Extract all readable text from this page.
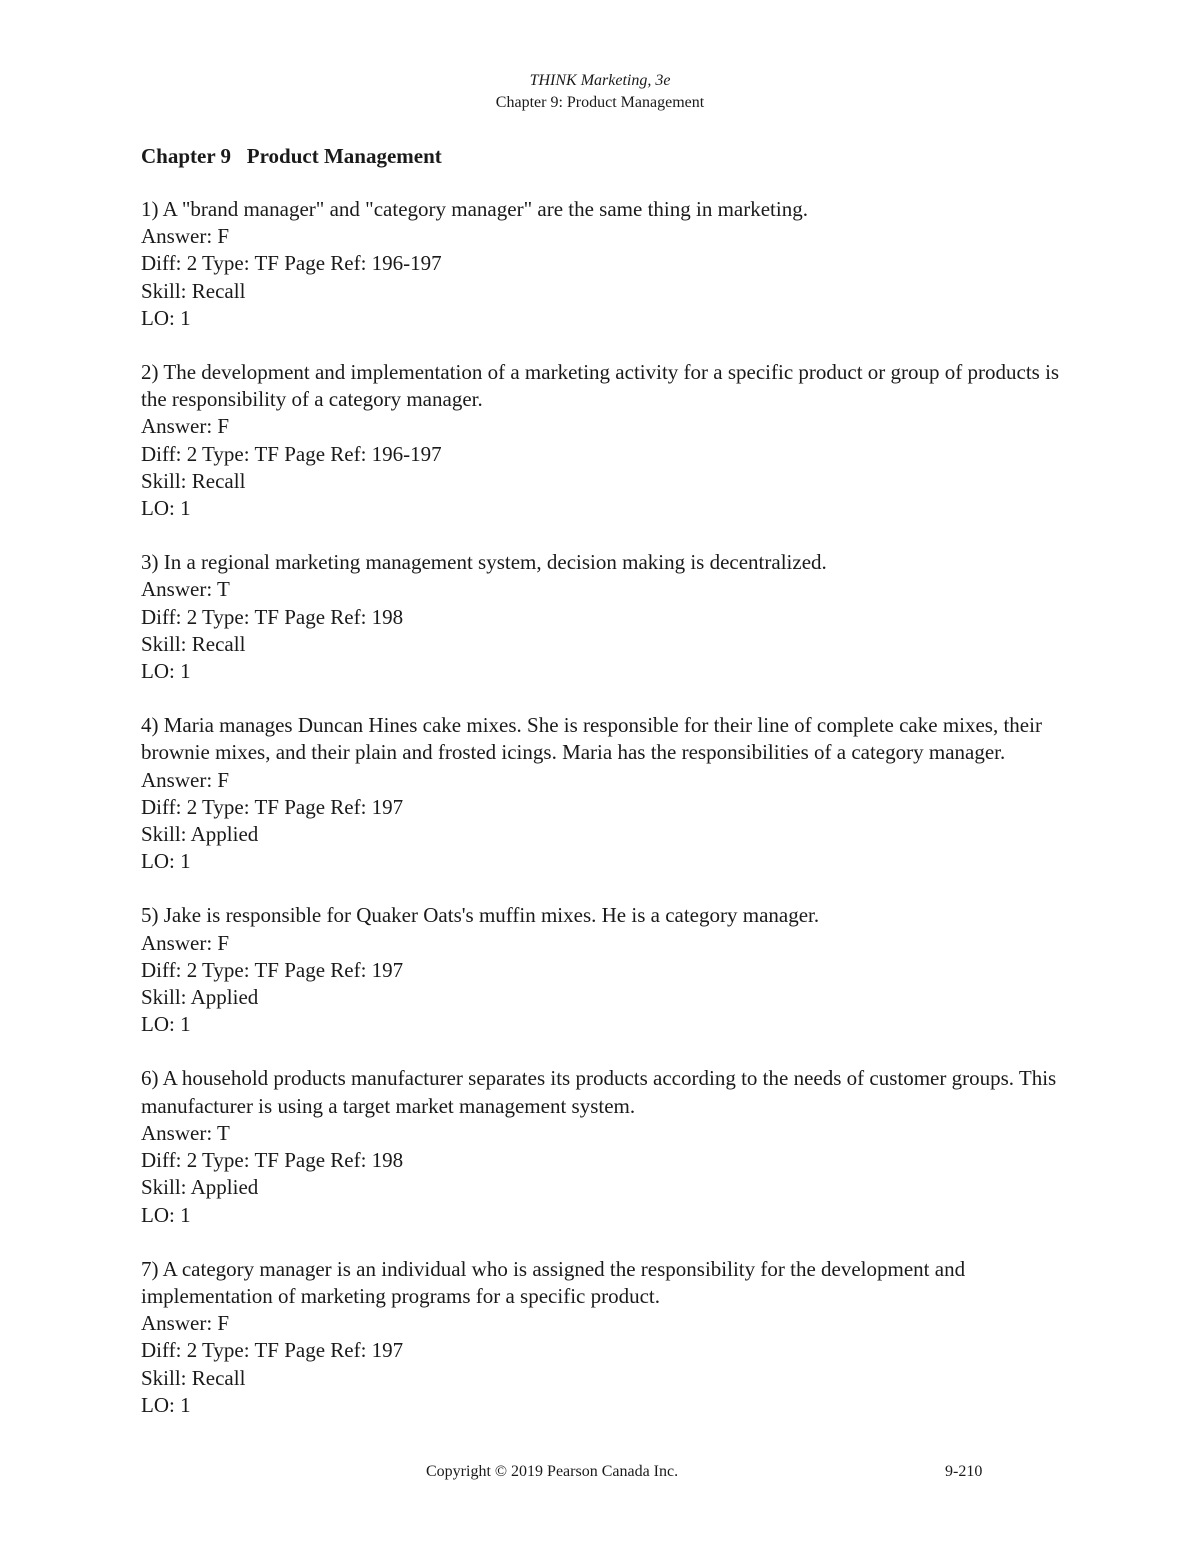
THINK Marketing, 3e
Chapter 9: Product Management
Chapter 9   Product Management
1) A "brand manager" and "category manager" are the same thing in marketing.
Answer: F
Diff: 2 Type: TF Page Ref: 196-197
Skill: Recall
LO: 1
2) The development and implementation of a marketing activity for a specific product or group of products is the responsibility of a category manager.
Answer: F
Diff: 2 Type: TF Page Ref: 196-197
Skill: Recall
LO: 1
3) In a regional marketing management system, decision making is decentralized.
Answer: T
Diff: 2 Type: TF Page Ref: 198
Skill: Recall
LO: 1
4) Maria manages Duncan Hines cake mixes. She is responsible for their line of complete cake mixes, their brownie mixes, and their plain and frosted icings. Maria has the responsibilities of a category manager.
Answer: F
Diff: 2 Type: TF Page Ref: 197
Skill: Applied
LO: 1
5) Jake is responsible for Quaker Oats's muffin mixes. He is a category manager.
Answer: F
Diff: 2 Type: TF Page Ref: 197
Skill: Applied
LO: 1
6) A household products manufacturer separates its products according to the needs of customer groups. This manufacturer is using a target market management system.
Answer: T
Diff: 2 Type: TF Page Ref: 198
Skill: Applied
LO: 1
7) A category manager is an individual who is assigned the responsibility for the development and implementation of marketing programs for a specific product.
Answer: F
Diff: 2 Type: TF Page Ref: 197
Skill: Recall
LO: 1
Copyright © 2019 Pearson Canada Inc.	9-210
